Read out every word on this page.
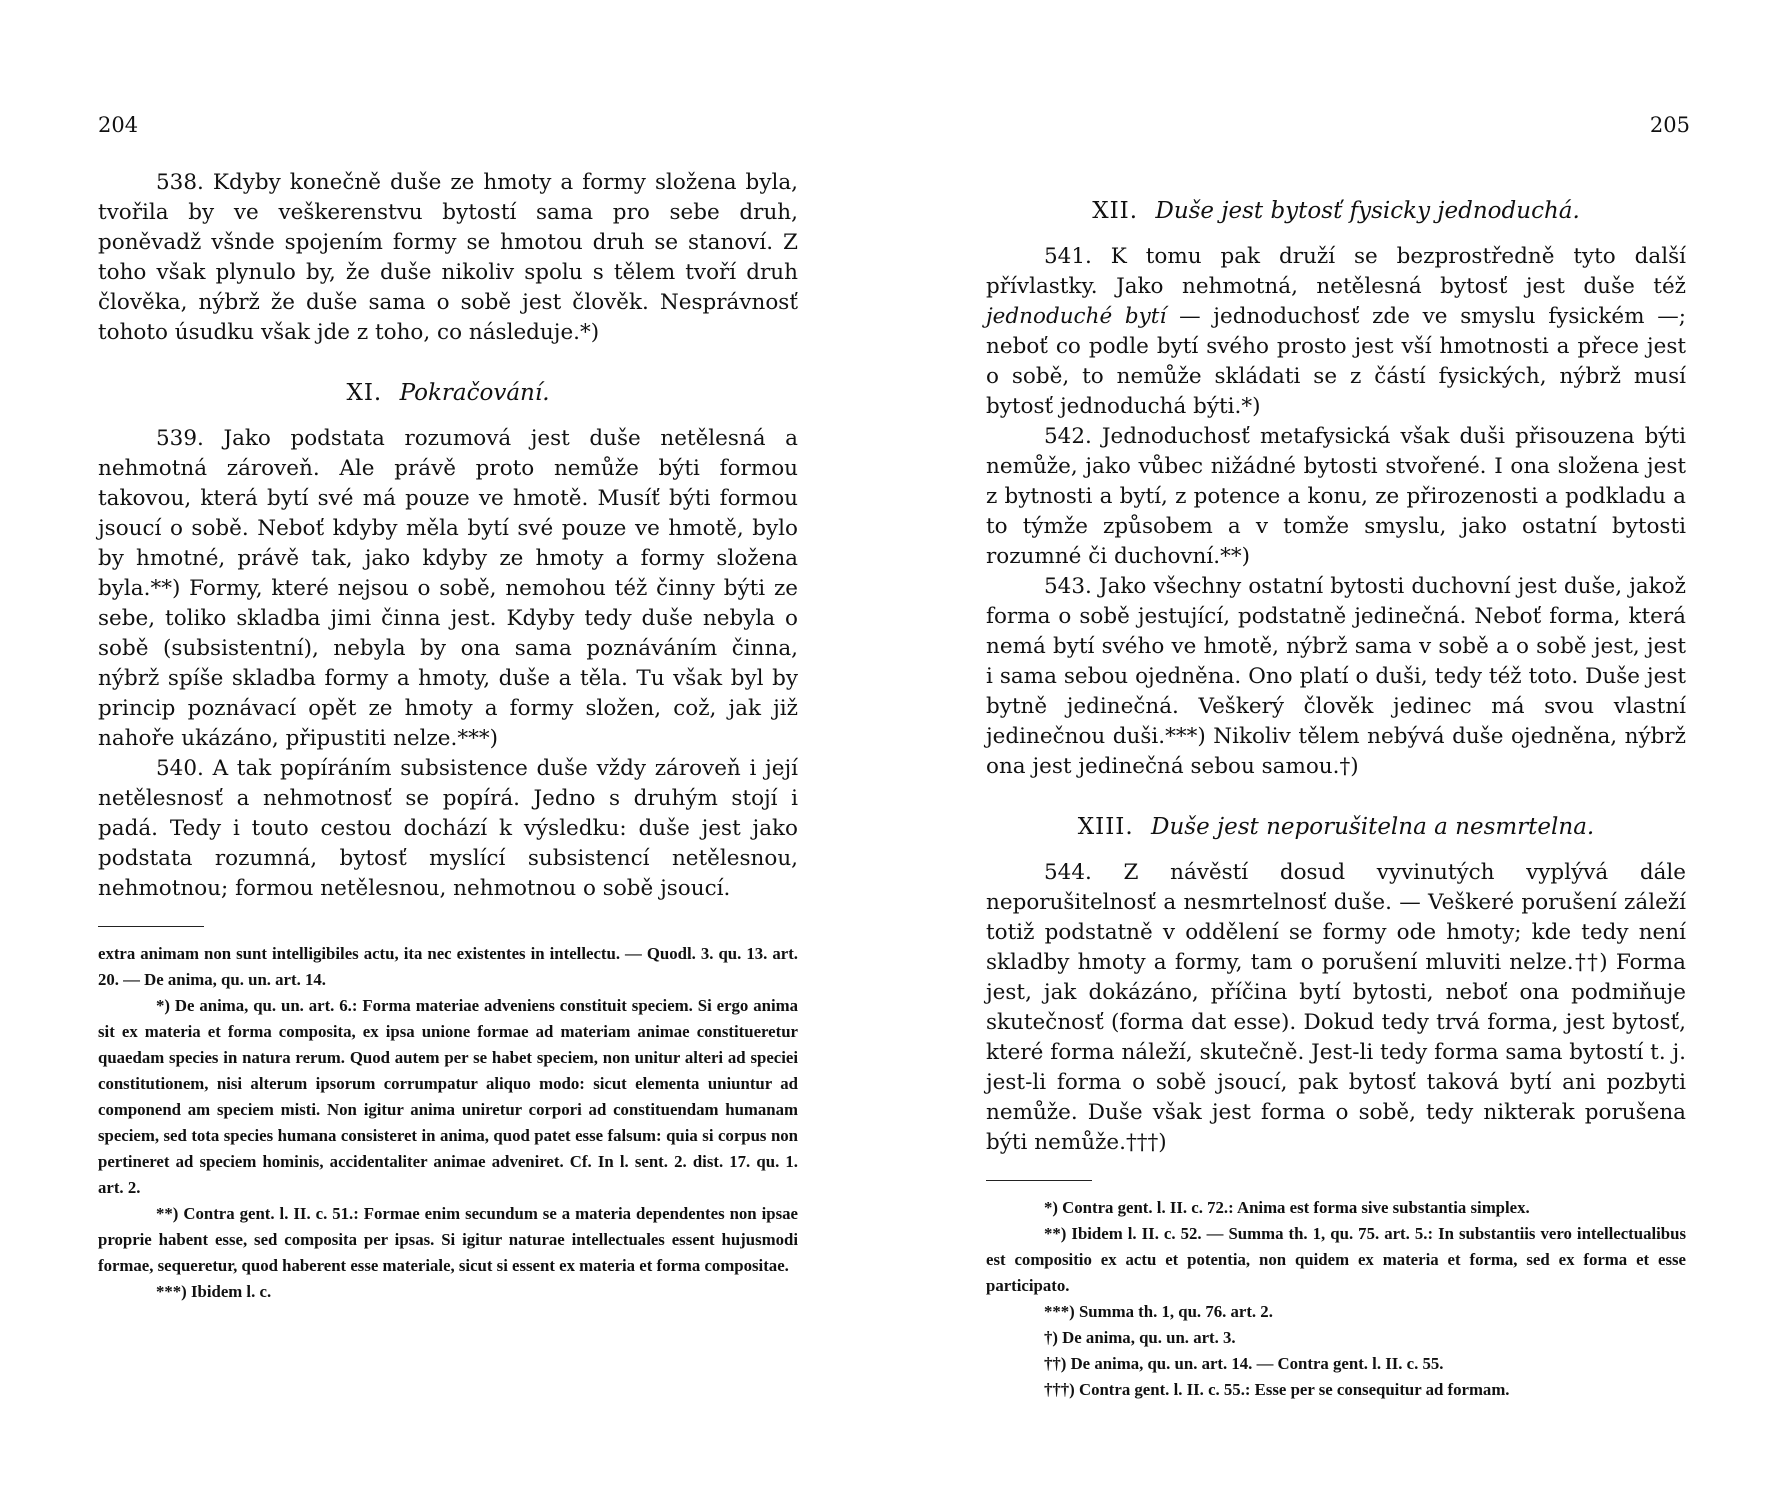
204

538. Kdyby konečně duše ze hmoty a formy složena byla, tvořila by ve veškerenstvu bytostí sama pro sebe druh, poněvadž všnde spojením formy se hmotou druh se stanoví. Z toho však plynulo by, že duše nikoliv spolu s tělem tvoří druh člověka, nýbrž že duše sama o sobě jest člověk. Nesprávnosť tohoto úsudku však jde z toho, co následuje.*)

XI. Pokračování.

539. Jako podstata rozumová jest duše netělesná a nehmotná zároveň. Ale právě proto nemůže býti formou takovou, která bytí své má pouze ve hmotě. Musíť býti formou jsoucí o sobě. Neboť kdyby měla bytí své pouze ve hmotě, bylo by hmotné, právě tak, jako kdyby ze hmoty a formy složena byla.**) Formy, které nejsou o sobě, nemohou též činny býti ze sebe, toliko skladba jimi činna jest. Kdyby tedy duše nebyla o sobě (subsistentní), nebyla by ona sama poznáváním činna, nýbrž spíše skladba formy a hmoty, duše a těla. Tu však byl by princip poznávací opět ze hmoty a formy složen, což, jak již nahoře ukázáno, připustiti nelze.***)

540. A tak popíráním subsistence duše vždy zároveň i její netělesnosť a nehmotnosť se popírá. Jedno s druhým stojí i padá. Tedy i touto cestou dochází k výsledku: duše jest jako podstata rozumná, bytosť myslící subsistencí netělesnou, nehmotnou; formou netělesnou, nehmotnou o sobě jsoucí.

extra animam non sunt intelligibiles actu, ita nec existentes in intellectu. — Quodl. 3. qu. 13. art. 20. — De anima, qu. un. art. 14.

*) De anima, qu. un. art. 6.: Forma materiae adveniens constituit speciem. Si ergo anima sit ex materia et forma composita, ex ipsa unione formae ad materiam animae constitueretur quaedam species in natura rerum. Quod autem per se habet speciem, non unitur alteri ad speciei constitutionem, nisi alterum ipsorum corrumpatur aliquo modo: sicut elementa uniuntur ad componend am speciem misti. Non igitur anima uniretur corpori ad constituendam humanam speciem, sed tota species humana consisteret in anima, quod patet esse falsum: quia si corpus non pertineret ad speciem hominis, accidentaliter animae adveniret. Cf. In l. sent. 2. dist. 17. qu. 1. art. 2.

**) Contra gent. l. II. c. 51.: Formae enim secundum se a materia dependentes non ipsae proprie habent esse, sed composita per ipsas. Si igitur naturae intellectuales essent hujusmodi formae, sequeretur, quod haberent esse materiale, sicut si essent ex materia et forma compositae.

***) Ibidem l. c.

205
XII. Duše jest bytosť fysicky jednoduchá.

541. K tomu pak druží se bezprostředně tyto další přívlastky. Jako nehmotná, netělesná bytosť jest duše též jednoduché bytí — jednoduchosť zde ve smyslu fysickém —; neboť co podle bytí svého prosto jest vší hmotnosti a přece jest o sobě, to nemůže skládati se z částí fysických, nýbrž musí bytosť jednoduchá býti.*)

542. Jednoduchosť metafysická však duši přisouzena býti nemůže, jako vůbec nižádné bytosti stvořené. I ona složena jest z bytnosti a bytí, z potence a konu, ze přirozenosti a podkladu a to týmže způsobem a v tomže smyslu, jako ostatní bytosti rozumné či duchovní.**)

543. Jako všechny ostatní bytosti duchovní jest duše, jakož forma o sobě jestující, podstatně jedinečná. Neboť forma, která nemá bytí svého ve hmotě, nýbrž sama v sobě a o sobě jest, jest i sama sebou ojedněna. Ono platí o duši, tedy též toto. Duše jest bytně jedinečná. Veškerý člověk jedinec má svou vlastní jedinečnou duši.***) Nikoliv tělem nebývá duše ojedněna, nýbrž ona jest jedinečná sebou samou.†)

XIII. Duše jest neporušitelna a nesmrtelna.

544. Z návěstí dosud vyvinutých vyplývá dále neporušitelnosť a nesmrtelnosť duše. — Veškeré porušení záleží totiž podstatně v oddělení se formy ode hmoty; kde tedy není skladby hmoty a formy, tam o porušení mluviti nelze.††) Forma jest, jak dokázáno, příčina bytí bytosti, neboť ona podmiňuje skutečnosť (forma dat esse). Dokud tedy trvá forma, jest bytosť, které forma náleží, skutečně. Jest-li tedy forma sama bytostí t. j. jest-li forma o sobě jsoucí, pak bytosť taková bytí ani pozbyti nemůže. Duše však jest forma o sobě, tedy nikterak porušena býti nemůže.†††)

*) Contra gent. l. II. c. 72.: Anima est forma sive substantia simplex.

**) Ibidem l. II. c. 52. — Summa th. 1, qu. 75. art. 5.: In substantiis vero intellectualibus est compositio ex actu et potentia, non quidem ex materia et forma, sed ex forma et esse participato.

***) Summa th. 1, qu. 76. art. 2.

†) De anima, qu. un. art. 3.

††) De anima, qu. un. art. 14. — Contra gent. l. II. c. 55.

†††) Contra gent. l. II. c. 55.: Esse per se consequitur ad formam.
